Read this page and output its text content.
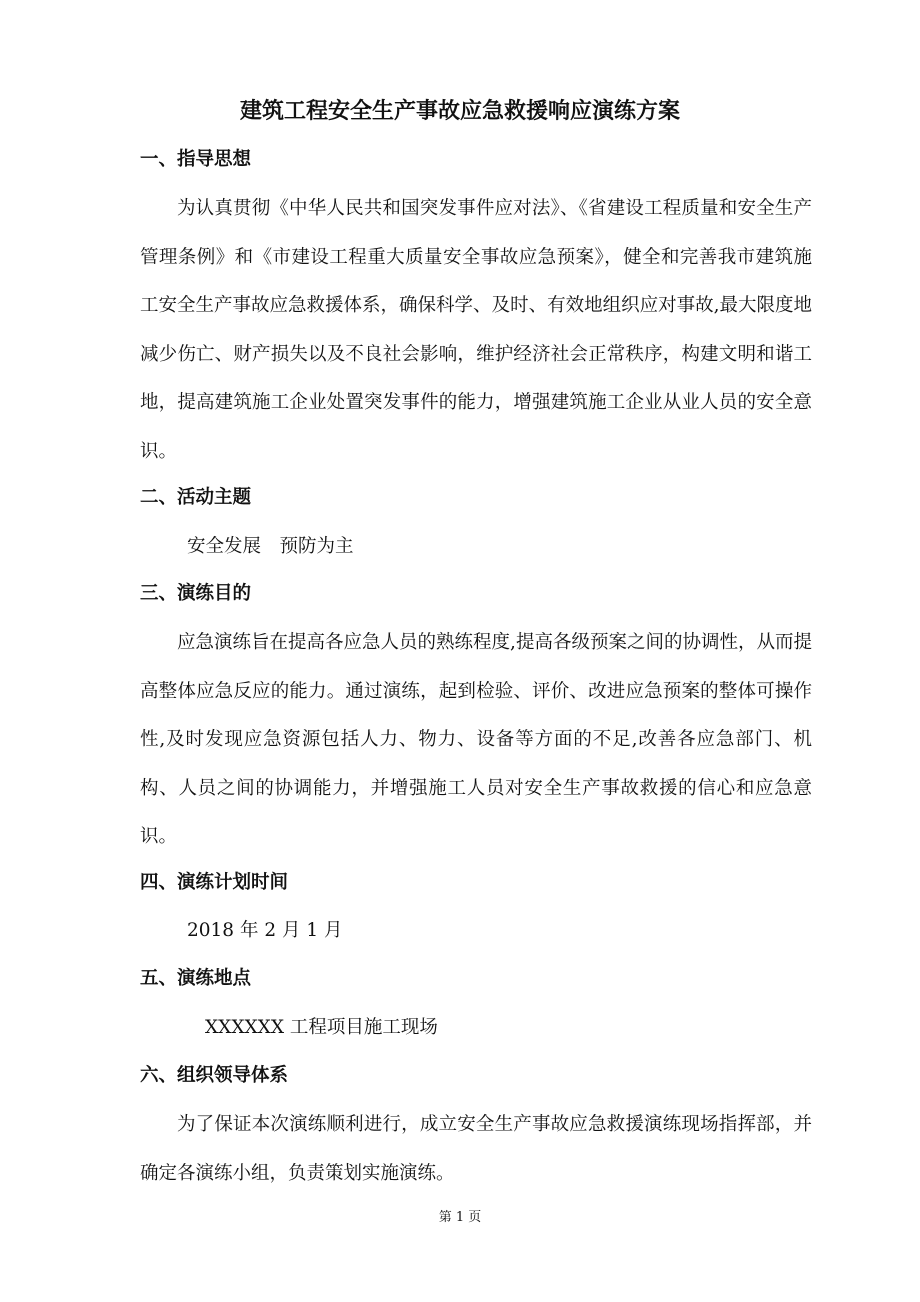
建筑工程安全生产事故应急救援响应演练方案
一、指导思想

为认真贯彻《中华人民共和国突发事件应对法》、《省建设工程质量和安全生产管理条例》和《市建设工程重大质量安全事故应急预案》，健全和完善我市建筑施工安全生产事故应急救援体系，确保科学、及时、有效地组织应对事故,最大限度地减少伤亡、财产损失以及不良社会影响，维护经济社会正常秩序，构建文明和谐工地，提高建筑施工企业处置突发事件的能力，增强建筑施工企业从业人员的安全意识。

二、活动主题

安全发展　预防为主

三、演练目的

应急演练旨在提高各应急人员的熟练程度,提高各级预案之间的协调性，从而提高整体应急反应的能力。通过演练，起到检验、评价、改进应急预案的整体可操作性,及时发现应急资源包括人力、物力、设备等方面的不足,改善各应急部门、机构、人员之间的协调能力，并增强施工人员对安全生产事故救援的信心和应急意识。

四、演练计划时间

2018 年 2 月 1 月

五、演练地点

XXXXXX 工程项目施工现场

六、组织领导体系

为了保证本次演练顺利进行，成立安全生产事故应急救援演练现场指挥部，并确定各演练小组，负责策划实施演练。

第 1 页
